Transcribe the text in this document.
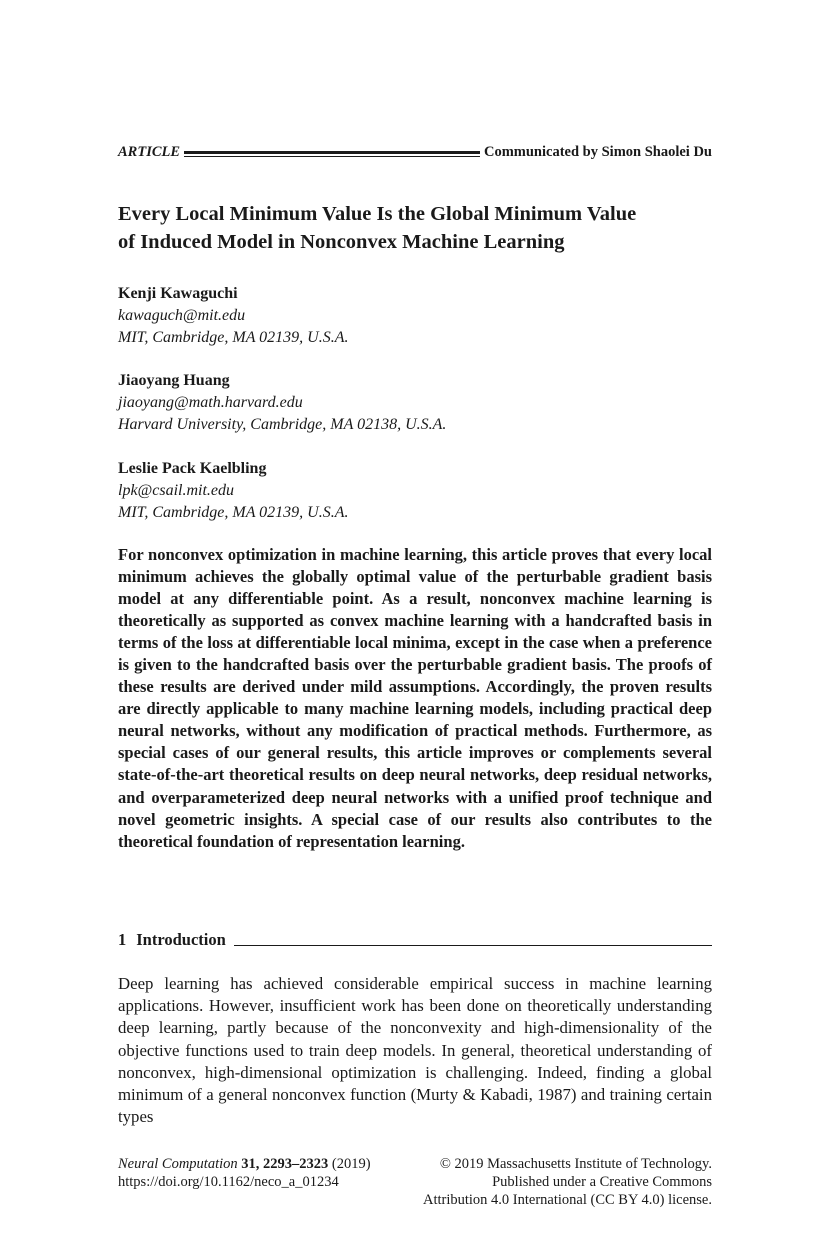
ARTICLE	Communicated by Simon Shaolei Du
Every Local Minimum Value Is the Global Minimum Value
of Induced Model in Nonconvex Machine Learning
Kenji Kawaguchi
kawaguch@mit.edu
MIT, Cambridge, MA 02139, U.S.A.
Jiaoyang Huang
jiaoyang@math.harvard.edu
Harvard University, Cambridge, MA 02138, U.S.A.
Leslie Pack Kaelbling
lpk@csail.mit.edu
MIT, Cambridge, MA 02139, U.S.A.

For nonconvex optimization in machine learning, this article proves that every local minimum achieves the globally optimal value of the perturbable gradient basis model at any differentiable point. As a result, nonconvex machine learning is theoretically as supported as convex machine learning with a handcrafted basis in terms of the loss at differentiable local minima, except in the case when a preference is given to the handcrafted basis over the perturbable gradient basis. The proofs of these results are derived under mild assumptions. Accordingly, the proven results are directly applicable to many machine learning models, including practical deep neural networks, without any modification of practical methods. Furthermore, as special cases of our general results, this article improves or complements several state-of-the-art theoretical results on deep neural networks, deep residual networks, and overparameterized deep neural networks with a unified proof technique and novel geometric insights. A special case of our results also contributes to the theoretical foundation of representation learning.

1 Introduction

Deep learning has achieved considerable empirical success in machine learning applications. However, insufficient work has been done on theoretically understanding deep learning, partly because of the nonconvexity and high-dimensionality of the objective functions used to train deep models. In general, theoretical understanding of nonconvex, high-dimensional optimization is challenging. Indeed, finding a global minimum of a general nonconvex function (Murty & Kabadi, 1987) and training certain types

Neural Computation 31, 2293–2323 (2019)
https://doi.org/10.1162/neco_a_01234
© 2019 Massachusetts Institute of Technology.
Published under a Creative Commons
Attribution 4.0 International (CC BY 4.0) license.
